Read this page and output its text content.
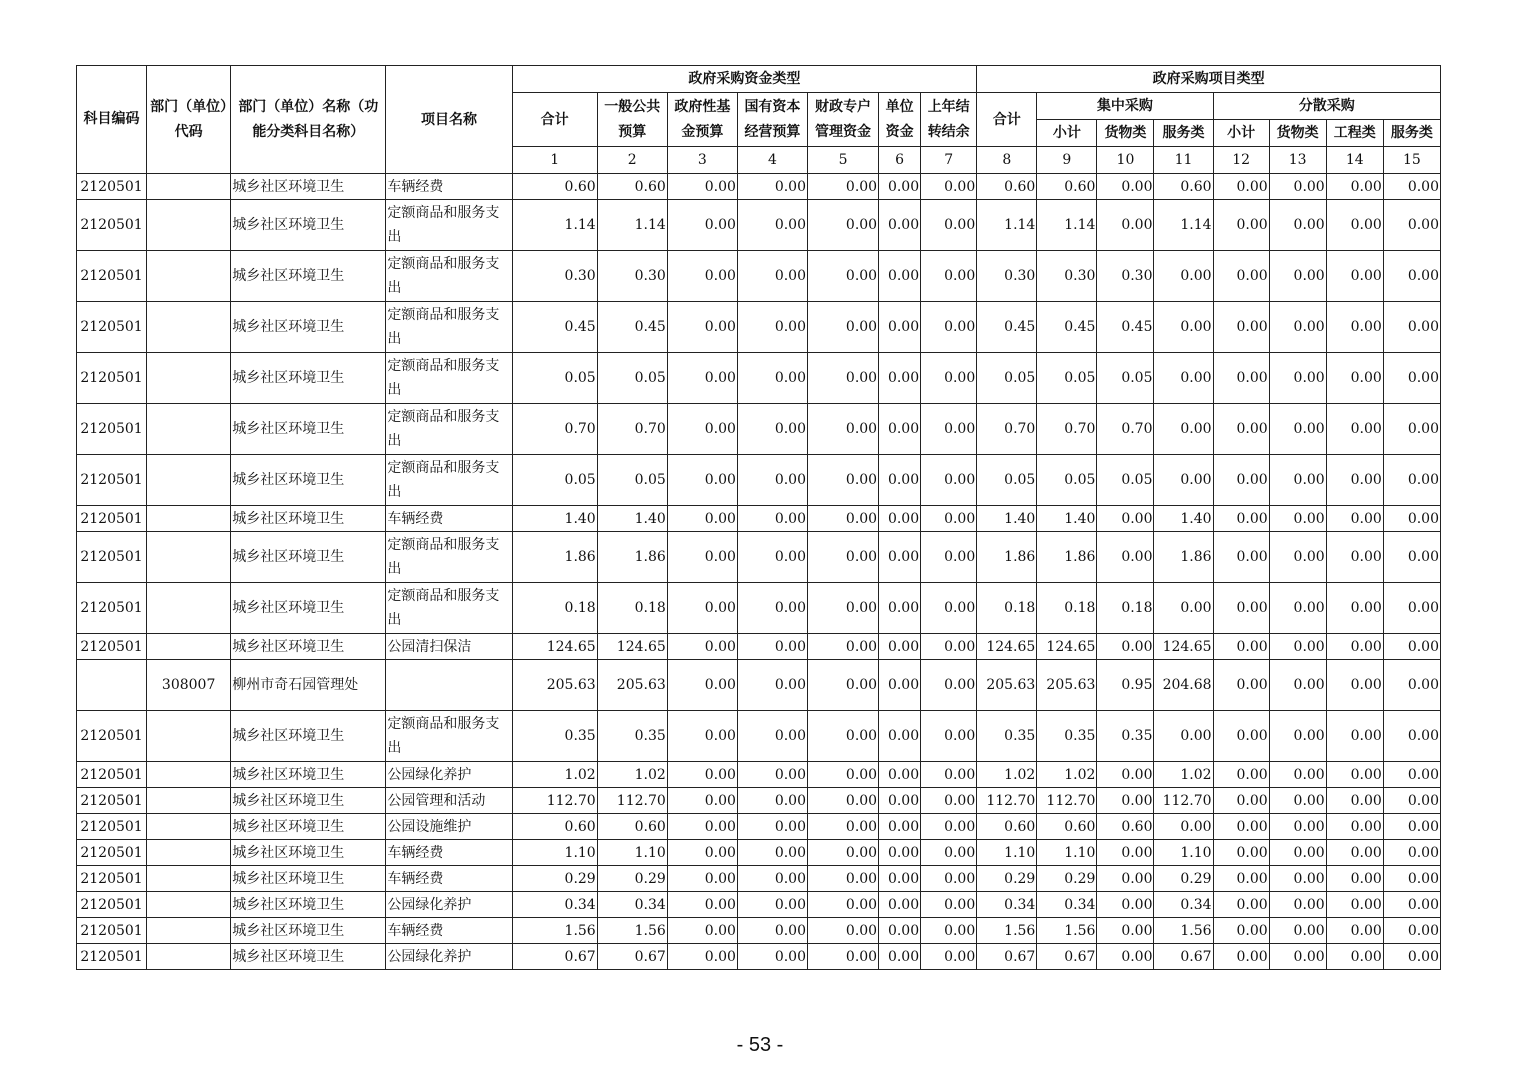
科目编码	部门（单位）代码	部门（单位）名称（功能分类科目名称）	项目名称	政府采购资金类型							政府采购项目类型							
				合计	一般公共预算	政府性基金预算	国有资本经营预算	财政专户管理资金	单位资金	上年结转结余	合计	集中采购			分散采购			
												小计	货物类	服务类	小计	货物类	工程类	服务类
				1	2	3	4	5	6	7	8	9	10	11	12	13	14	15
2120501		城乡社区环境卫生	车辆经费	0.60	0.60	0.00	0.00	0.00	0.00	0.00	0.60	0.60	0.00	0.60	0.00	0.00	0.00	0.00
2120501		城乡社区环境卫生	定额商品和服务支出	1.14	1.14	0.00	0.00	0.00	0.00	0.00	1.14	1.14	0.00	1.14	0.00	0.00	0.00	0.00
2120501		城乡社区环境卫生	定额商品和服务支出	0.30	0.30	0.00	0.00	0.00	0.00	0.00	0.30	0.30	0.30	0.00	0.00	0.00	0.00	0.00
2120501		城乡社区环境卫生	定额商品和服务支出	0.45	0.45	0.00	0.00	0.00	0.00	0.00	0.45	0.45	0.45	0.00	0.00	0.00	0.00	0.00
2120501		城乡社区环境卫生	定额商品和服务支出	0.05	0.05	0.00	0.00	0.00	0.00	0.00	0.05	0.05	0.05	0.00	0.00	0.00	0.00	0.00
2120501		城乡社区环境卫生	定额商品和服务支出	0.70	0.70	0.00	0.00	0.00	0.00	0.00	0.70	0.70	0.70	0.00	0.00	0.00	0.00	0.00
2120501		城乡社区环境卫生	定额商品和服务支出	0.05	0.05	0.00	0.00	0.00	0.00	0.00	0.05	0.05	0.05	0.00	0.00	0.00	0.00	0.00
2120501		城乡社区环境卫生	车辆经费	1.40	1.40	0.00	0.00	0.00	0.00	0.00	1.40	1.40	0.00	1.40	0.00	0.00	0.00	0.00
2120501		城乡社区环境卫生	定额商品和服务支出	1.86	1.86	0.00	0.00	0.00	0.00	0.00	1.86	1.86	0.00	1.86	0.00	0.00	0.00	0.00
2120501		城乡社区环境卫生	定额商品和服务支出	0.18	0.18	0.00	0.00	0.00	0.00	0.00	0.18	0.18	0.18	0.00	0.00	0.00	0.00	0.00
2120501		城乡社区环境卫生	公园清扫保洁	124.65	124.65	0.00	0.00	0.00	0.00	0.00	124.65	124.65	0.00	124.65	0.00	0.00	0.00	0.00
	308007	柳州市奇石园管理处		205.63	205.63	0.00	0.00	0.00	0.00	0.00	205.63	205.63	0.95	204.68	0.00	0.00	0.00	0.00
2120501		城乡社区环境卫生	定额商品和服务支出	0.35	0.35	0.00	0.00	0.00	0.00	0.00	0.35	0.35	0.35	0.00	0.00	0.00	0.00	0.00
2120501		城乡社区环境卫生	公园绿化养护	1.02	1.02	0.00	0.00	0.00	0.00	0.00	1.02	1.02	0.00	1.02	0.00	0.00	0.00	0.00
2120501		城乡社区环境卫生	公园管理和活动	112.70	112.70	0.00	0.00	0.00	0.00	0.00	112.70	112.70	0.00	112.70	0.00	0.00	0.00	0.00
2120501		城乡社区环境卫生	公园设施维护	0.60	0.60	0.00	0.00	0.00	0.00	0.00	0.60	0.60	0.60	0.00	0.00	0.00	0.00	0.00
2120501		城乡社区环境卫生	车辆经费	1.10	1.10	0.00	0.00	0.00	0.00	0.00	1.10	1.10	0.00	1.10	0.00	0.00	0.00	0.00
2120501		城乡社区环境卫生	车辆经费	0.29	0.29	0.00	0.00	0.00	0.00	0.00	0.29	0.29	0.00	0.29	0.00	0.00	0.00	0.00
2120501		城乡社区环境卫生	公园绿化养护	0.34	0.34	0.00	0.00	0.00	0.00	0.00	0.34	0.34	0.00	0.34	0.00	0.00	0.00	0.00
2120501		城乡社区环境卫生	车辆经费	1.56	1.56	0.00	0.00	0.00	0.00	0.00	1.56	1.56	0.00	1.56	0.00	0.00	0.00	0.00
2120501		城乡社区环境卫生	公园绿化养护	0.67	0.67	0.00	0.00	0.00	0.00	0.00	0.67	0.67	0.00	0.67	0.00	0.00	0.00	0.00
- 53 -
